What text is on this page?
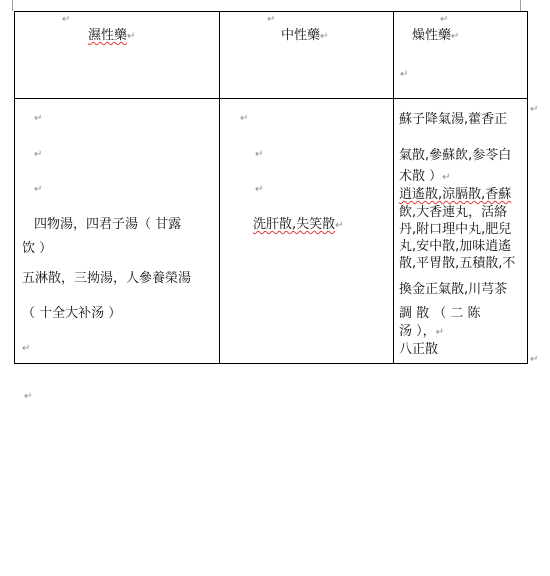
↵
濕性藥↵
↵
中性藥↵
↵
燥性藥↵
↵
↵
↵
↵
四物湯，四君子湯（ 甘露
饮 ）
五淋散，三拗湯，人參養榮湯
（ 十全大补汤 ）
↵
↵
↵
↵
洗肝散,失笑散↵
蘇子降氣湯,藿香正
↵
氣散,參蘇飲,参苓白
术散 ）↵
逍遙散,涼膈散,香蘇
飲,大香連丸，活絡
丹,附口理中丸,肥兒
丸,安中散,加味逍遙
散,平胃散,五積散,不
換金正氣散,川芎茶
調 散 （ 二 陈
汤 ），↵
八正散
↵
↵
